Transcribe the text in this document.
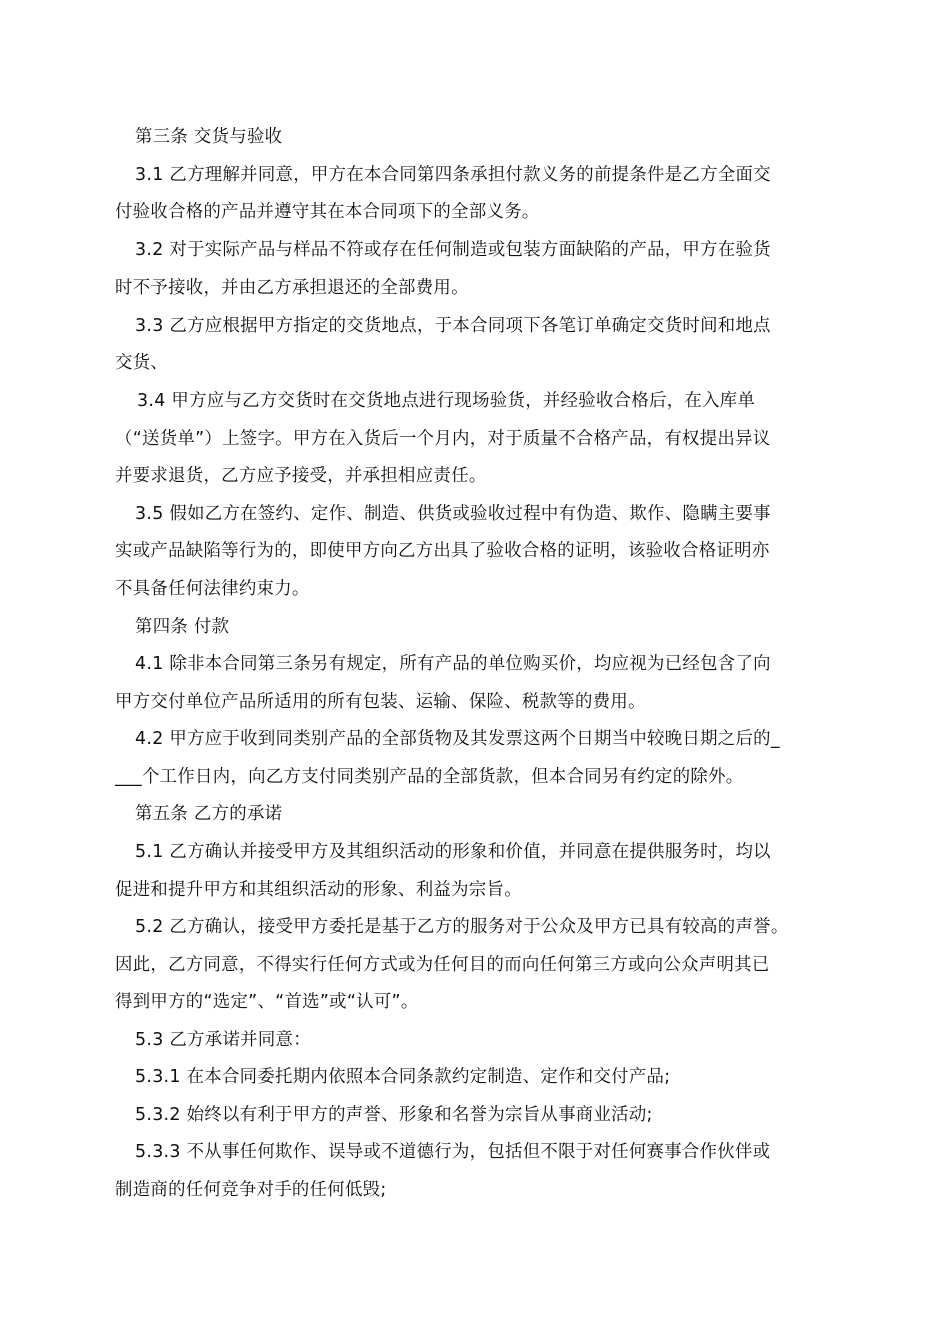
第三条 交货与验收
3.1 乙方理解并同意，甲方在本合同第四条承担付款义务的前提条件是乙方全面交
付验收合格的产品并遵守其在本合同项下的全部义务。
3.2 对于实际产品与样品不符或存在任何制造或包装方面缺陷的产品，甲方在验货
时不予接收，并由乙方承担退还的全部费用。
3.3 乙方应根据甲方指定的交货地点，于本合同项下各笔订单确定交货时间和地点
交货、
3.4 甲方应与乙方交货时在交货地点进行现场验货，并经验收合格后，在入库单
（“送货单”）上签字。甲方在入货后一个月内，对于质量不合格产品，有权提出异议
并要求退货，乙方应予接受，并承担相应责任。
3.5 假如乙方在签约、定作、制造、供货或验收过程中有伪造、欺作、隐瞒主要事
实或产品缺陷等行为的，即使甲方向乙方出具了验收合格的证明，该验收合格证明亦
不具备任何法律约束力。
第四条 付款
4.1 除非本合同第三条另有规定，所有产品的单位购买价，均应视为已经包含了向
甲方交付单位产品所适用的所有包装、运输、保险、税款等的费用。
4.2 甲方应于收到同类别产品的全部货物及其发票这两个日期当中较晚日期之后的_
___个工作日内，向乙方支付同类别产品的全部货款，但本合同另有约定的除外。
第五条 乙方的承诺
5.1 乙方确认并接受甲方及其组织活动的形象和价值，并同意在提供服务时，均以
促进和提升甲方和其组织活动的形象、利益为宗旨。
5.2 乙方确认，接受甲方委托是基于乙方的服务对于公众及甲方已具有较高的声誉。
因此，乙方同意，不得实行任何方式或为任何目的而向任何第三方或向公众声明其已
得到甲方的“选定”、“首选”或“认可”。
5.3 乙方承诺并同意：
5.3.1 在本合同委托期内依照本合同条款约定制造、定作和交付产品;
5.3.2 始终以有利于甲方的声誉、形象和名誉为宗旨从事商业活动;
5.3.3 不从事任何欺作、误导或不道德行为，包括但不限于对任何赛事合作伙伴或
制造商的任何竞争对手的任何低毁;
